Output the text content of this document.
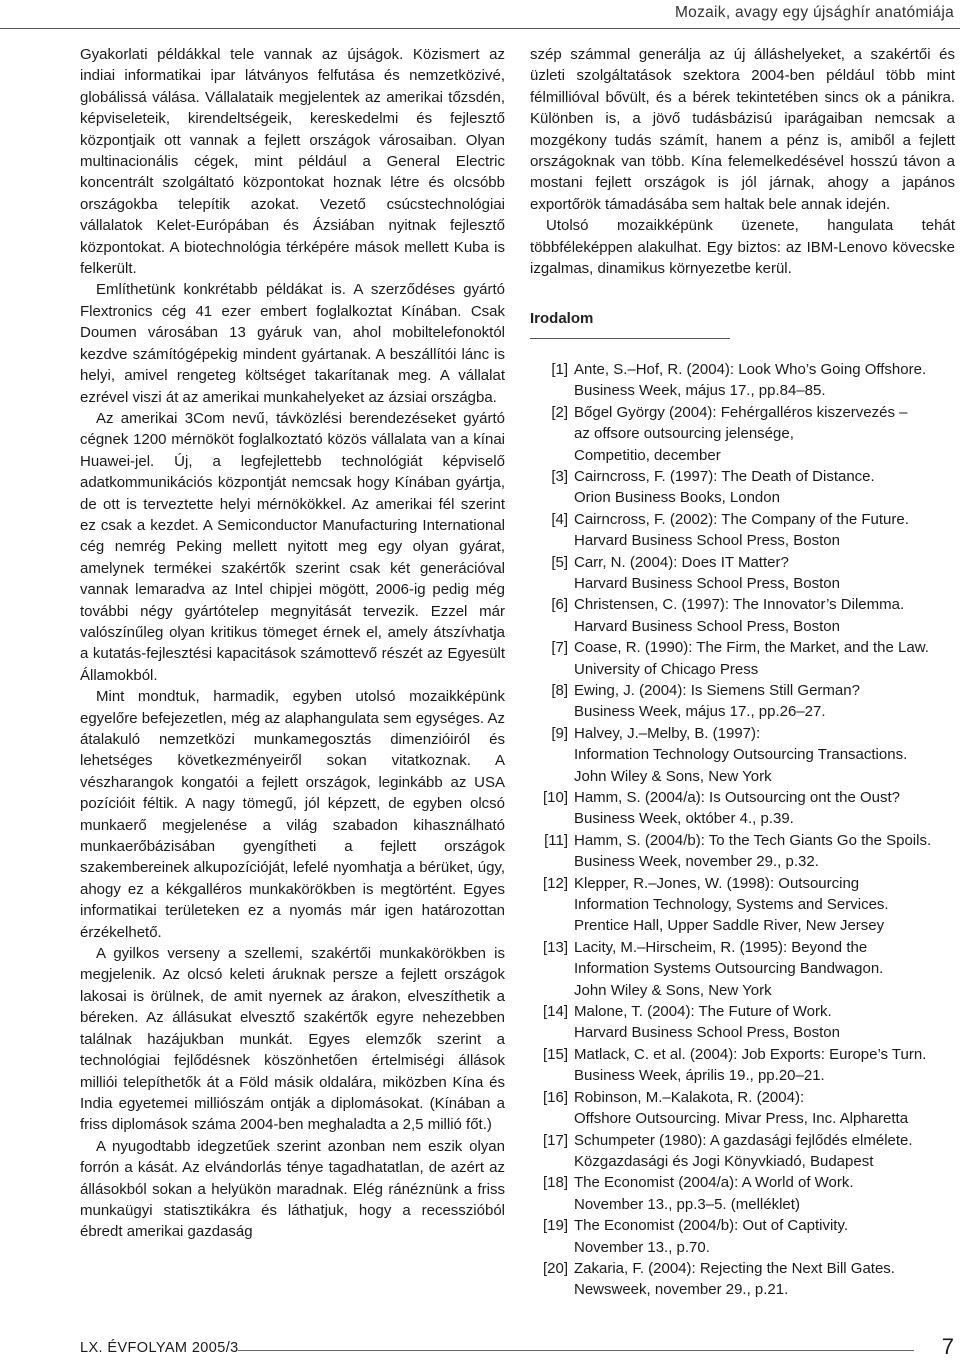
Mozaik, avagy egy újsághír anatómiája

Gyakorlati példákkal tele vannak az újságok. Közismert az indiai informatikai ipar látványos felfutása és nemzetközivé, globálissá válása. Vállalataik megjelentek az amerikai tőzsdén, képviseleteik, kirendeltségeik, kereskedelmi és fejlesztő központjaik ott vannak a fejlett országok városaiban. Olyan multinacionális cégek, mint például a General Electric koncentrált szolgáltató központokat hoznak létre és olcsóbb országokba telepítik azokat. Vezető csúcstechnológiai vállalatok Kelet-Európában és Ázsiában nyitnak fejlesztő központokat. A biotechnológia térképére mások mellett Kuba is felkerült.

Említhetünk konkrétabb példákat is. A szerződéses gyártó Flextronics cég 41 ezer embert foglalkoztat Kínában. Csak Doumen városában 13 gyáruk van, ahol mobiltelefonoktól kezdve számítógépekig mindent gyártanak. A beszállítói lánc is helyi, amivel rengeteg költséget takarítanak meg. A vállalat ezrével viszi át az amerikai munkahelyeket az ázsiai országba.

Az amerikai 3Com nevű, távközlési berendezéseket gyártó cégnek 1200 mérnököt foglalkoztató közös vállalata van a kínai Huawei-jel. Új, a legfejlettebb technológiát képviselő adatkommunikációs központját nemcsak hogy Kínában gyártja, de ott is terveztette helyi mérnökökkel. Az amerikai fél szerint ez csak a kezdet. A Semiconductor Manufacturing International cég nemrég Peking mellett nyitott meg egy olyan gyárat, amelynek termékei szakértők szerint csak két generációval vannak lemaradva az Intel chipjei mögött, 2006-ig pedig még további négy gyártótelep megnyitását tervezik. Ezzel már valószínűleg olyan kritikus tömeget érnek el, amely átszívhatja a kutatás-fejlesztési kapacitások számottevő részét az Egyesült Államokból.

Mint mondtuk, harmadik, egyben utolsó mozaikképünk egyelőre befejezetlen, még az alaphangulata sem egységes. Az átalakuló nemzetközi munkamegosztás dimenzióiról és lehetséges következményeiről sokan vitatkoznak. A vészharangok kongatói a fejlett országok, leginkább az USA pozícióit féltik. A nagy tömegű, jól képzett, de egyben olcsó munkaerő megjelenése a világ szabadon kihasználható munkaerőbázisában gyengítheti a fejlett országok szakembereinek alkupozícióját, lefelé nyomhatja a bérüket, úgy, ahogy ez a kékgalléros munkakörökben is megtörtént. Egyes informatikai területeken ez a nyomás már igen határozottan érzékelhető.

A gyilkos verseny a szellemi, szakértői munkakörökben is megjelenik. Az olcsó keleti áruknak persze a fejlett országok lakosai is örülnek, de amit nyernek az árakon, elveszíthetik a béreken. Az állásukat elvesztő szakértők egyre nehezebben találnak hazájukban munkát. Egyes elemzők szerint a technológiai fejlődésnek köszönhetően értelmiségi állások milliói telepíthetők át a Föld másik oldalára, miközben Kína és India egyetemei milliószám ontják a diplomásokat. (Kínában a friss diplomások száma 2004-ben meghaladta a 2,5 millió főt.)

A nyugodtabb idegzetűek szerint azonban nem eszik olyan forrón a kását. Az elvándorlás ténye tagadhatatlan, de azért az állásokból sokan a helyükön maradnak. Elég ránéznünk a friss munkaügyi statisztikákra és láthatjuk, hogy a recesszióból ébredt amerikai gazdaság

szép számmal generálja az új álláshelyeket, a szakértői és üzleti szolgáltatások szektora 2004-ben például több mint félmillióval bővült, és a bérek tekintetében sincs ok a pánikra. Különben is, a jövő tudásbázisú iparágaiban nemcsak a mozgékony tudás számít, hanem a pénz is, amiből a fejlett országoknak van több. Kína felemelkedésével hosszú távon a mostani fejlett országok is jól járnak, ahogy a japános exportőrök támadásába sem haltak bele annak idején.

Utolsó mozaikképünk üzenete, hangulata tehát többféleképpen alakulhat. Egy biztos: az IBM-Lenovo kövecske izgalmas, dinamikus környezetbe kerül.

Irodalom
[1] Ante, S.–Hof, R. (2004): Look Who’s Going Offshore.
Business Week, május 17., pp.84–85.
[2] Bőgel György (2004): Fehérgalléros kiszervezés –
az offsore outsourcing jelensége,
Competitio, december
[3] Cairncross, F. (1997): The Death of Distance.
Orion Business Books, London
[4] Cairncross, F. (2002): The Company of the Future.
Harvard Business School Press, Boston
[5] Carr, N. (2004): Does IT Matter?
Harvard Business School Press, Boston
[6] Christensen, C. (1997): The Innovator’s Dilemma.
Harvard Business School Press, Boston
[7] Coase, R. (1990): The Firm, the Market, and the Law.
University of Chicago Press
[8] Ewing, J. (2004): Is Siemens Still German?
Business Week, május 17., pp.26–27.
[9] Halvey, J.–Melby, B. (1997):
Information Technology Outsourcing Transactions.
John Wiley & Sons, New York
[10] Hamm, S. (2004/a): Is Outsourcing ont the Oust?
Business Week, október 4., p.39.
[11] Hamm, S. (2004/b): To the Tech Giants Go the Spoils.
Business Week, november 29., p.32.
[12] Klepper, R.–Jones, W. (1998): Outsourcing
Information Technology, Systems and Services.
Prentice Hall, Upper Saddle River, New Jersey
[13] Lacity, M.–Hirscheim, R. (1995): Beyond the
Information Systems Outsourcing Bandwagon.
John Wiley & Sons, New York
[14] Malone, T. (2004): The Future of Work.
Harvard Business School Press, Boston
[15] Matlack, C. et al. (2004): Job Exports: Europe’s Turn.
Business Week, április 19., pp.20–21.
[16] Robinson, M.–Kalakota, R. (2004):
Offshore Outsourcing. Mivar Press, Inc. Alpharetta
[17] Schumpeter (1980): A gazdasági fejlődés elmélete.
Közgazdasági és Jogi Könyvkiadó, Budapest
[18] The Economist (2004/a): A World of Work.
November 13., pp.3–5. (melléklet)
[19] The Economist (2004/b): Out of Captivity.
November 13., p.70.
[20] Zakaria, F. (2004): Rejecting the Next Bill Gates.
Newsweek, november 29., p.21.
LX. ÉVFOLYAM 2005/3	7
